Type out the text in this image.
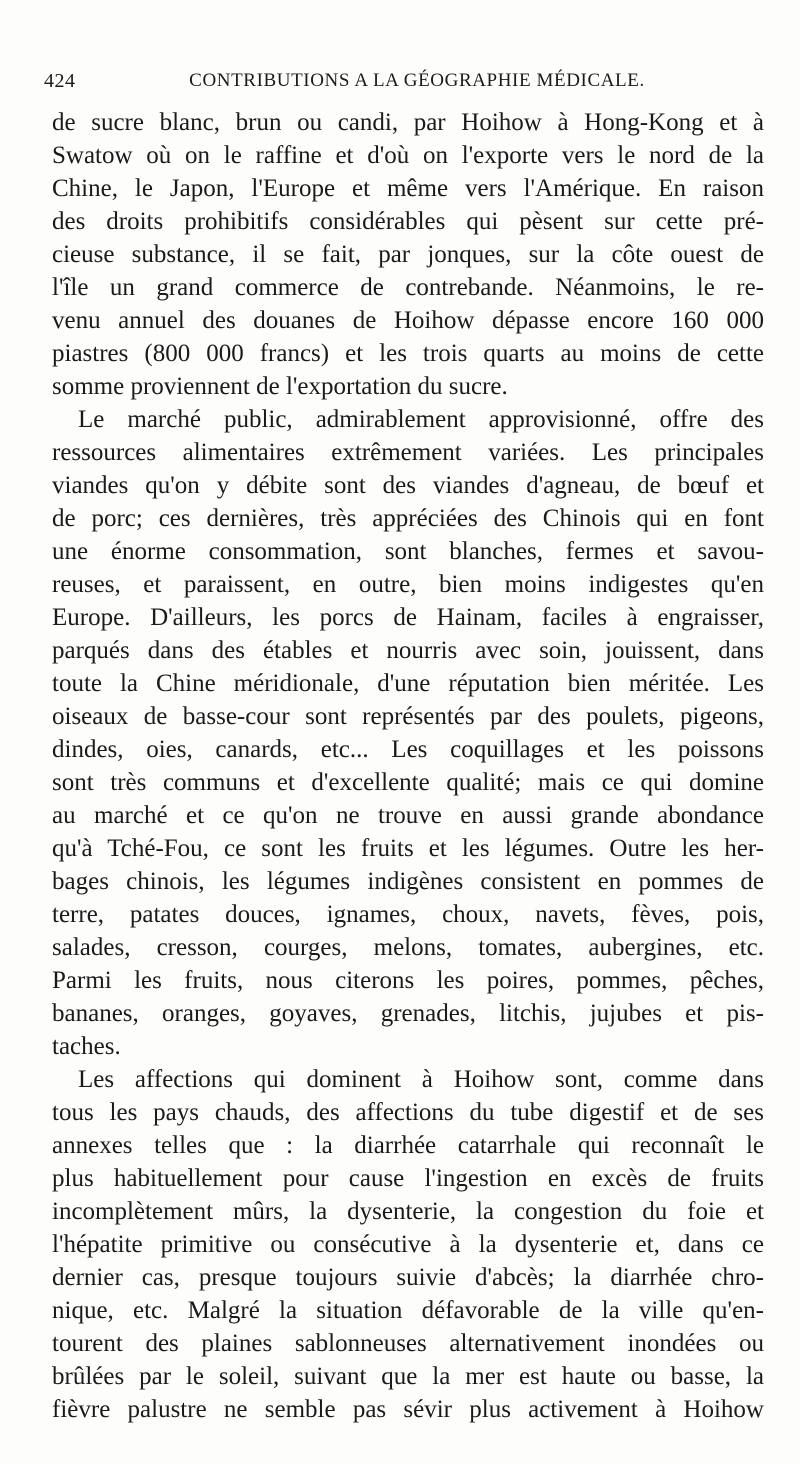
424	CONTRIBUTIONS A LA GÉOGRAPHIE MÉDICALE.
de sucre blanc, brun ou candi, par Hoihow à Hong-Kong et à
Swatow où on le raffine et d'où on l'exporte vers le nord de la
Chine, le Japon, l'Europe et même vers l'Amérique. En raison
des droits prohibitifs considérables qui pèsent sur cette pré-
cieuse substance, il se fait, par jonques, sur la côte ouest de
l'île un grand commerce de contrebande. Néanmoins, le re-
venu annuel des douanes de Hoihow dépasse encore 160 000
piastres (800 000 francs) et les trois quarts au moins de cette
somme proviennent de l'exportation du sucre.
Le marché public, admirablement approvisionné, offre des
ressources alimentaires extrêmement variées. Les principales
viandes qu'on y débite sont des viandes d'agneau, de bœuf et
de porc; ces dernières, très appréciées des Chinois qui en font
une énorme consommation, sont blanches, fermes et savou-
reuses, et paraissent, en outre, bien moins indigestes qu'en
Europe. D'ailleurs, les porcs de Hainam, faciles à engraisser,
parqués dans des étables et nourris avec soin, jouissent, dans
toute la Chine méridionale, d'une réputation bien méritée. Les
oiseaux de basse-cour sont représentés par des poulets, pigeons,
dindes, oies, canards, etc... Les coquillages et les poissons
sont très communs et d'excellente qualité; mais ce qui domine
au marché et ce qu'on ne trouve en aussi grande abondance
qu'à Tché-Fou, ce sont les fruits et les légumes. Outre les her-
bages chinois, les légumes indigènes consistent en pommes de
terre, patates douces, ignames, choux, navets, fèves, pois,
salades, cresson, courges, melons, tomates, aubergines, etc.
Parmi les fruits, nous citerons les poires, pommes, pêches,
bananes, oranges, goyaves, grenades, litchis, jujubes et pis-
taches.
Les affections qui dominent à Hoihow sont, comme dans
tous les pays chauds, des affections du tube digestif et de ses
annexes telles que : la diarrhée catarrhale qui reconnaît le
plus habituellement pour cause l'ingestion en excès de fruits
incomplètement mûrs, la dysenterie, la congestion du foie et
l'hépatite primitive ou consécutive à la dysenterie et, dans ce
dernier cas, presque toujours suivie d'abcès; la diarrhée chro-
nique, etc. Malgré la situation défavorable de la ville qu'en-
tourent des plaines sablonneuses alternativement inondées ou
brûlées par le soleil, suivant que la mer est haute ou basse, la
fièvre palustre ne semble pas sévir plus activement à Hoihow
